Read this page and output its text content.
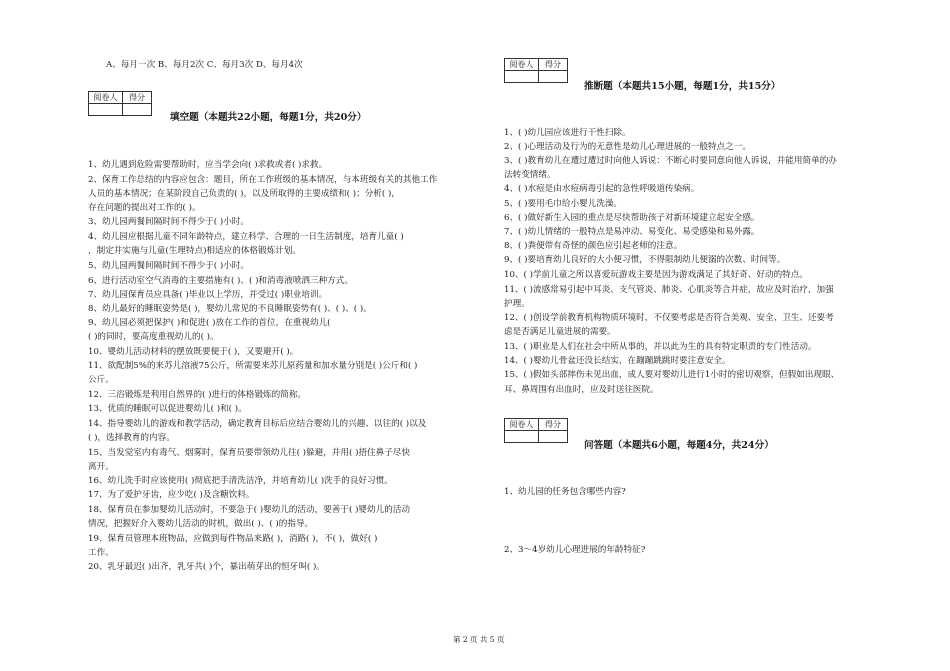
A、每月一次 B、每月2次 C、每月3次 D、每月4次
阅卷人	得分

填空题（本题共22小题，每题1分，共20分）
1、幼儿遇到危险需要帮助时，应当学会向( )求救或者( )求救。
2、保育工作总结的内容应包含：题目，所在工作班级的基本情况，与本班级有关的其他工作
人员的基本情况；在某阶段自己负责的( )，以及所取得的主要成绩和( )；分析( )，
存在问题的提出对工作的( )。
3、幼儿园两餐间隔时间不得少于( )小时。
4、幼儿园应根据儿童不同年龄特点，建立科学、合理的一日生活制度，培育儿童( )
，制定并实施与儿童(生理特点)相适应的体格锻炼计划。
5、幼儿园两餐间隔时间不得少于( )小时。
6、进行活动室空气消毒的主要措施有( )、( )和消毒液喷洒三种方式。
7、幼儿园保育员应具备( )毕业以上学历，并受过( )职业培训。
8、幼儿最好的睡眠姿势是( )，婴幼儿常见的不良睡眠姿势有( )、( )、( )。
9、幼儿园必须把保护( )和促进( )放在工作的首位，在重视幼儿(
( )的同时，要高度重视幼儿的( )。
10、婴幼儿活动材料的摆放既要便于( )，又要避开( )。
11、欲配制5%的来苏儿溶液75公斤，所需要来苏儿原药量和加水量分别是( )公斤和( )
公斤。
12、三浴锻炼是利用自然界的( )进行的体格锻炼的简称。
13、优质的睡眠可以促进婴幼儿( )和( )。
14、指导婴幼儿的游戏和教学活动，确定教育目标后应结合婴幼儿的兴趣、以往的( )以及
( )，选择教育的内容。
15、当发觉室内有毒气、烟雾时，保育员要带领幼儿往( )躲避，并用( )捂住鼻子尽快
离开。
16、幼儿洗手时应该使用( )彻底把手清洗洁净，并培育幼儿( )洗手的良好习惯。
17、为了爱护牙齿，应少吃( )及含糖饮料。
18、保育员在参加婴幼儿活动时，不要急于( )婴幼儿的活动，要善于( )婴幼儿的活动
情况，把握好介入婴幼儿活动的时机，做出( )、( )的指导。
19、保育员管理本班物品，应做到每件物品来路( )，消路( )，不( )，做好( )
工作。
20、乳牙最迟( )出齐，乳牙共( )个，暴出萌芽出的恒牙叫( )。
阅卷人	得分

推断题（本题共15小题，每题1分，共15分）
1、( )幼儿园应该进行干性扫除。
2、( )心理活动及行为的无意性是幼儿心理进展的一般特点之一。
3、( )教育幼儿在遭过遭过时向他人诉说：不断心时要同意向他人诉说，并能用简单的办
法转变情绪。
4、( )水痘是由水痘病毒引起的急性呼吸道传染病。
5、( )要用毛巾给小婴儿洗澡。
6、( )做好新生入园的重点是尽快帮助孩子对新环境建立起安全感。
7、( )幼儿情绪的一般特点是易冲动、易变化、易受感染和易外露。
8、( )粪便带有奇怪的颜色应引起老师的注意。
9、( )要培育幼儿良好的大小便习惯，不得限制幼儿便溺的次数、时间等。
10、( )学前儿童之所以喜爱玩游戏主要是因为游戏满足了其好奇、好动的特点。
11、( )流感常易引起中耳炎、支气管炎、肺炎、心肌炎等合并症，故应及时治疗，加强
护理。
12、( )创设学前教育机构物质环境时，不仅要考虑是否符合美观、安全、卫生、还要考
虑是否满足儿童进展的需要。
13、( )职业是人们在社会中所从事的，并以此为生的具有特定职责的专门性活动。
14、( )婴幼儿骨盆还没长结实，在蹦蹦跳跳时要注意安全。
15、( )假如头部摔伤未见出血，成人要对婴幼儿进行1小时的密切观察，但假如出现眼、
耳、鼻周围有出血时，应及时送往医院。
阅卷人	得分

问答题（本题共6小题，每题4分，共24分）
1、幼儿园的任务包含哪些内容?
2、3～4岁幼儿心理进展的年龄特征?
第 2 页 共 5 页
